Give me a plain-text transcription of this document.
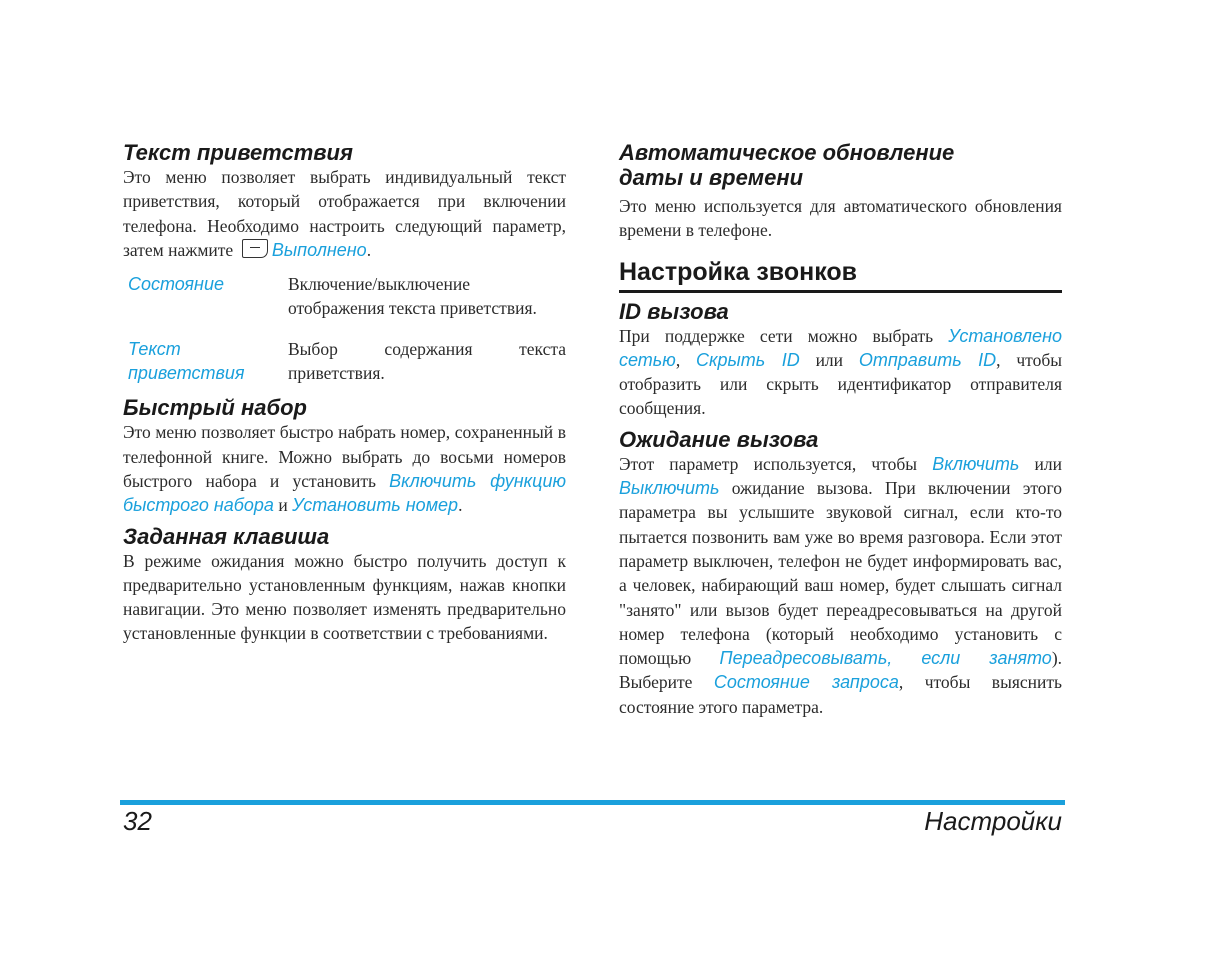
Текст приветствия

Это меню позволяет выбрать индивидуальный текст приветствия, который отображается при включении телефона. Необходимо настроить следующий параметр, затем нажмите Выполнено.

Состояние	Включение/выключение отображения текста приветствия.
Текст приветствия
Выбор содержания текста приветствия.
Быстрый набор

Это меню позволяет быстро набрать номер, сохраненный в телефонной книге. Можно выбрать до восьми номеров быстрого набора и установить Включить функцию быстрого набора и Установить номер.

Заданная клавиша

В режиме ожидания можно быстро получить доступ к предварительно установленным функциям, нажав кнопки навигации. Это меню позволяет изменять предварительно установленные функции в соответствии с требованиями.

Автоматическое обновление
даты и времени

Это меню используется для автоматического обновления времени в телефоне.

Настройка звонков
ID вызова

При поддержке сети можно выбрать Установлено сетью, Скрыть ID или Отправить ID, чтобы отобразить или скрыть идентификатор отправителя сообщения.

Ожидание вызова

Этот параметр используется, чтобы Включить или Выключить ожидание вызова. При включении этого параметра вы услышите звуковой сигнал, если кто-то пытается позвонить вам уже во время разговора. Если этот параметр выключен, телефон не будет информировать вас, а человек, набирающий ваш номер, будет слышать сигнал "занято" или вызов будет переадресовываться на другой номер телефона (который необходимо установить с помощью Переадресовывать, если занято). Выберите Состояние запроса, чтобы выяснить состояние этого параметра.

32	Настройки
